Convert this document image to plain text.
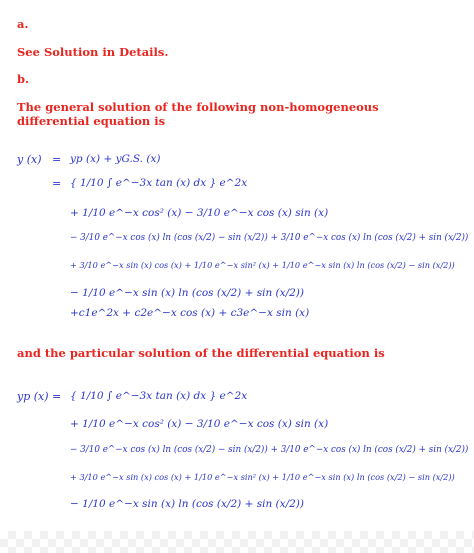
a.
See Solution in Details.
b.
The general solution of the following non-homogeneous differential equation is
y (x) = yp (x) + yG.S. (x)
= { 1/10 ∫ e^−3x tan (x) dx } e^2x
+ 1/10 e^−x cos² (x) − 3/10 e^−x cos (x) sin (x)
− 3/10 e^−x cos (x) ln (cos (x/2) − sin (x/2)) + 3/10 e^−x cos (x) ln (cos (x/2) + sin (x/2))
+ 3/10 e^−x sin (x) cos (x) + 1/10 e^−x sin² (x) + 1/10 e^−x sin (x) ln (cos (x/2) − sin (x/2))
− 1/10 e^−x sin (x) ln (cos (x/2) + sin (x/2))
+c1e^2x + c2e^−x cos (x) + c3e^−x sin (x)
and the particular solution of the differential equation is
yp (x) = { 1/10 ∫ e^−3x tan (x) dx } e^2x
+ 1/10 e^−x cos² (x) − 3/10 e^−x cos (x) sin (x)
− 3/10 e^−x cos (x) ln (cos (x/2) − sin (x/2)) + 3/10 e^−x cos (x) ln (cos (x/2) + sin (x/2))
+ 3/10 e^−x sin (x) cos (x) + 1/10 e^−x sin² (x) + 1/10 e^−x sin (x) ln (cos (x/2) − sin (x/2))
− 1/10 e^−x sin (x) ln (cos (x/2) + sin (x/2))
